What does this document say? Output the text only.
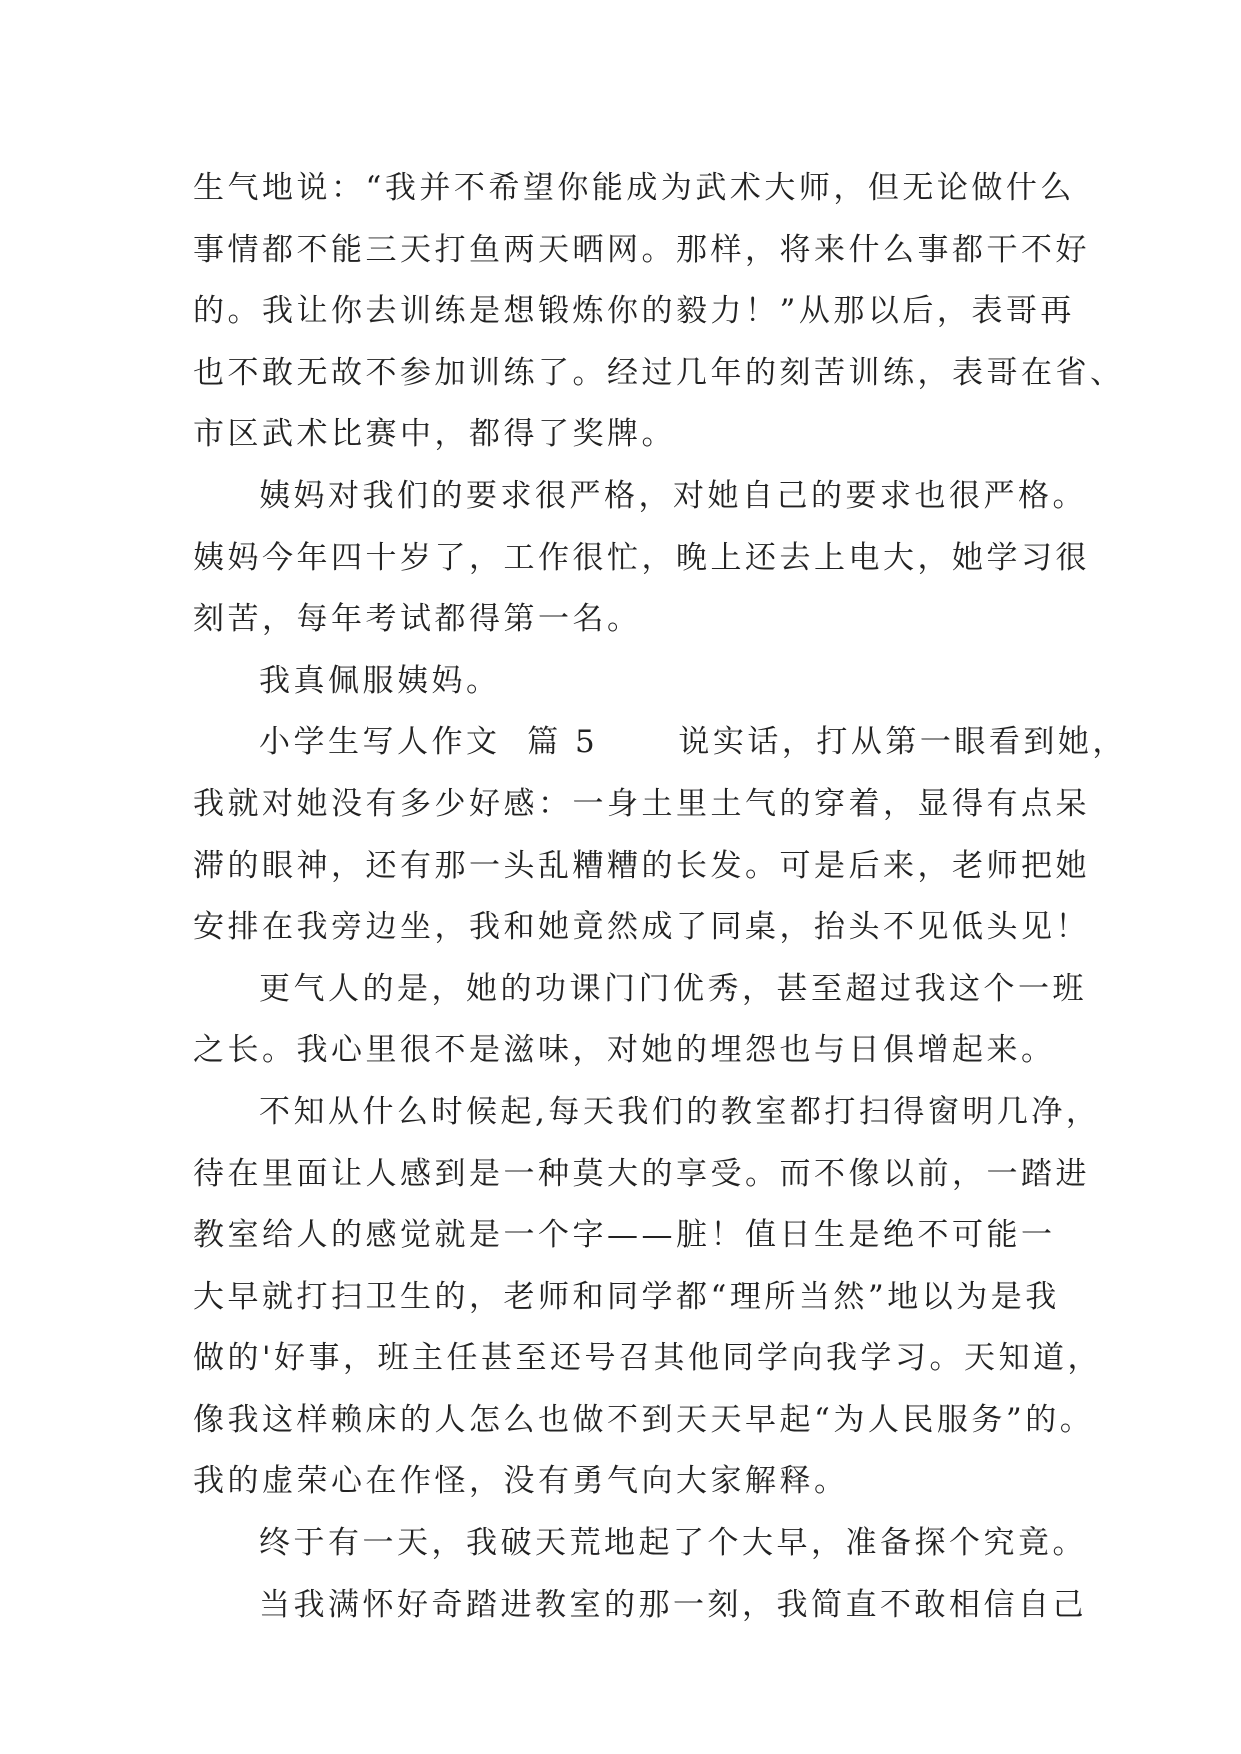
生气地说：“我并不希望你能成为武术大师，但无论做什么
事情都不能三天打鱼两天晒网。那样，将来什么事都干不好
的。我让你去训练是想锻炼你的毅力！”从那以后，表哥再
也不敢无故不参加训练了。经过几年的刻苦训练，表哥在省、
市区武术比赛中，都得了奖牌。
姨妈对我们的要求很严格，对她自己的要求也很严格。
姨妈今年四十岁了，工作很忙，晚上还去上电大，她学习很
刻苦，每年考试都得第一名。
我真佩服姨妈。
小学生写人作文  篇 5      说实话，打从第一眼看到她，
我就对她没有多少好感：一身土里土气的穿着，显得有点呆
滞的眼神，还有那一头乱糟糟的长发。可是后来，老师把她
安排在我旁边坐，我和她竟然成了同桌，抬头不见低头见！
更气人的是，她的功课门门优秀，甚至超过我这个一班
之长。我心里很不是滋味，对她的埋怨也与日俱增起来。
不知从什么时候起,每天我们的教室都打扫得窗明几净，
待在里面让人感到是一种莫大的享受。而不像以前，一踏进
教室给人的感觉就是一个字——脏！值日生是绝不可能一
大早就打扫卫生的，老师和同学都“理所当然”地以为是我
做的'好事，班主任甚至还号召其他同学向我学习。天知道，
像我这样赖床的人怎么也做不到天天早起“为人民服务”的。
我的虚荣心在作怪，没有勇气向大家解释。
终于有一天，我破天荒地起了个大早，准备探个究竟。
当我满怀好奇踏进教室的那一刻，我简直不敢相信自己
